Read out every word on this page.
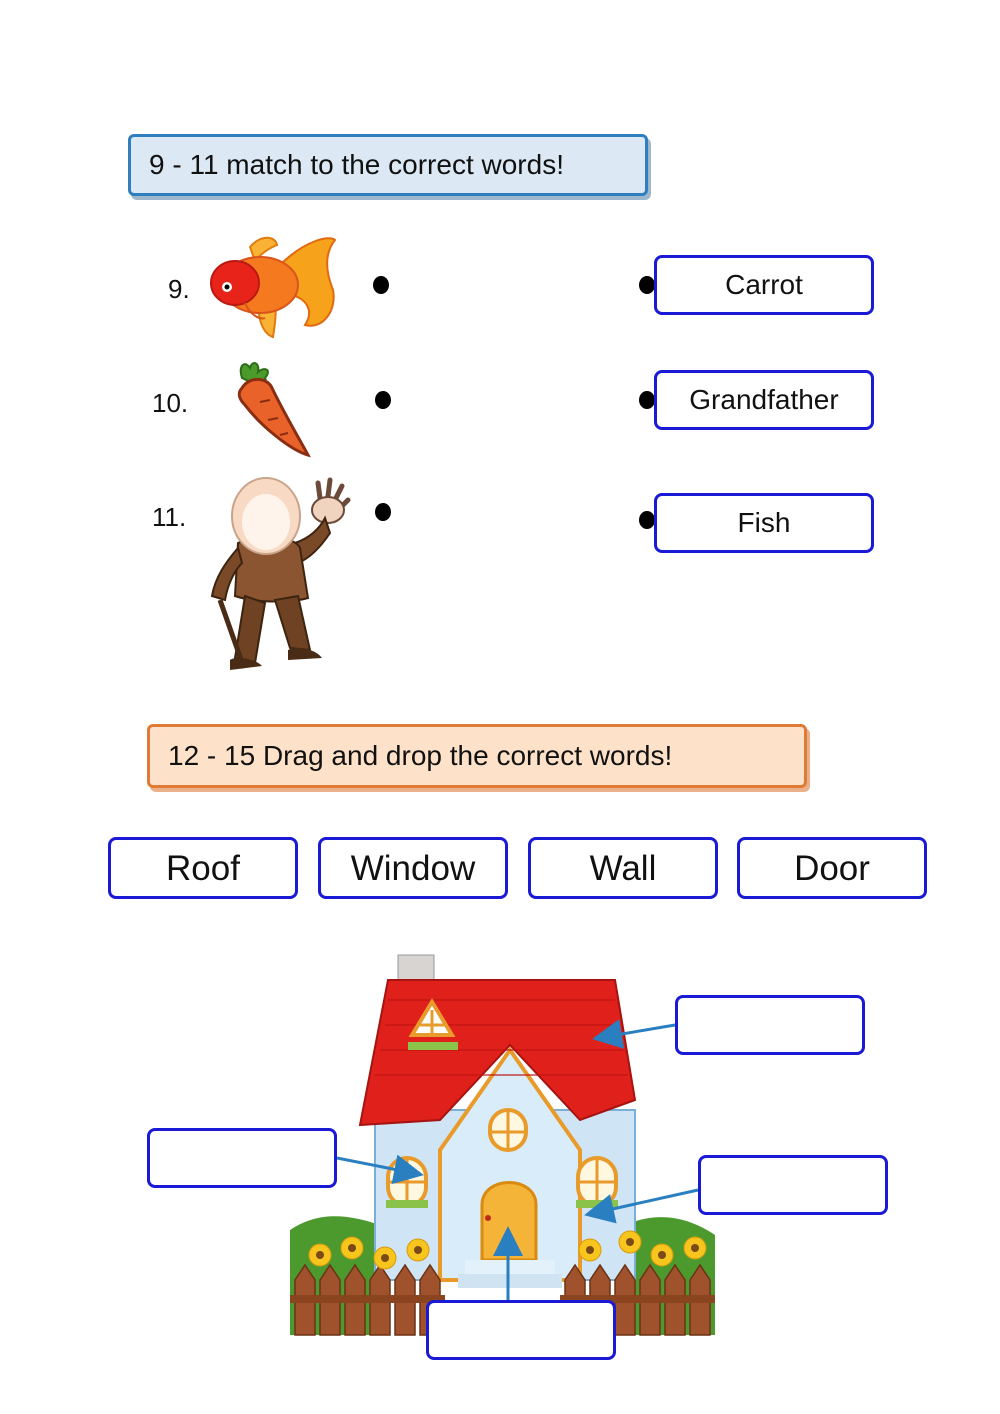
9 - 11 match to the correct words!
9.
10.
11.
Carrot
Grandfather
Fish
12 - 15 Drag and drop the correct words!
Roof	Window	Wall	Door
